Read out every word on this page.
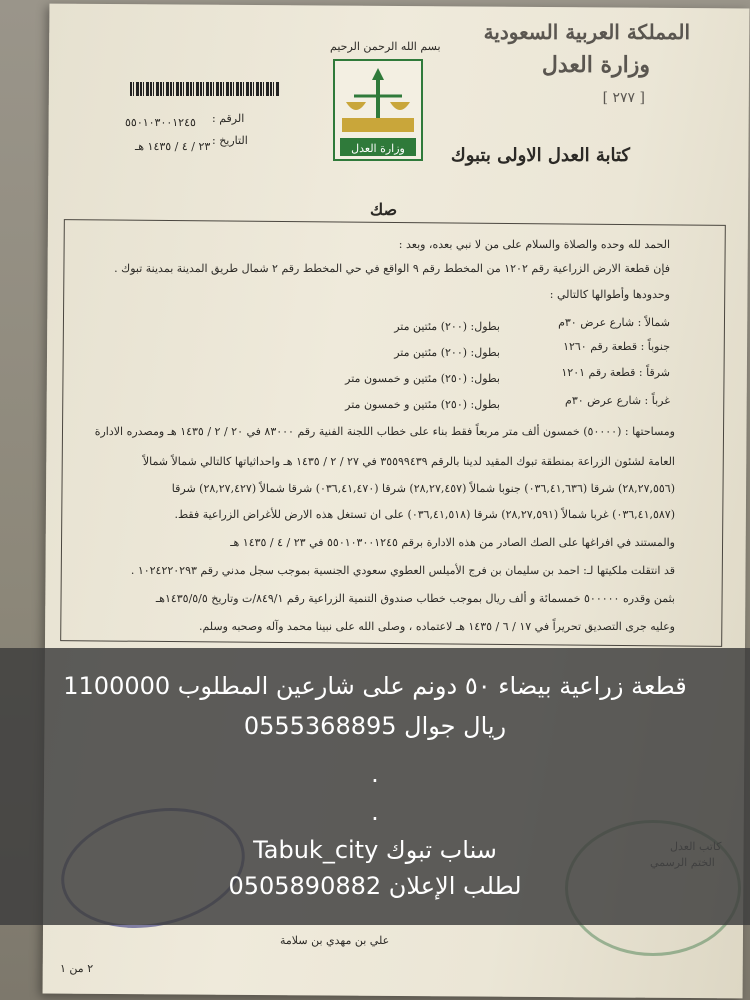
المملكة العربية السعودية
وزارة العدل
[ ٢٧٧ ]
كتابة العدل الاولى بتبوك
بسم الله الرحمن الرحيم
وزارة العدل
الرقم :
٥٥٠١٠٣٠٠١٢٤٥
التاريخ :
٢٣ / ٤ / ١٤٣٥ هـ
صك
الحمد لله وحده والصلاة والسلام على من لا نبي بعده، وبعد :
فإن قطعة الارض الزراعية رقم ١٢٠٢ من المخطط رقم ٩ الواقع في حي المخطط رقم ٢ شمال طريق المدينة بمدينة تبوك .
وحدودها وأطوالها كالتالي :
شمالاً : شارع عرض ٣٠م
بطول: (٢٠٠) مئتين متر
جنوباً : قطعة رقم ١٢٦٠
بطول: (٢٠٠) مئتين متر
شرقاً : قطعة رقم ١٢٠١
بطول: (٢٥٠) مئتين و خمسون متر
غرباً : شارع عرض ٣٠م
بطول: (٢٥٠) مئتين و خمسون متر
ومساحتها : (٥٠٠٠٠) خمسون ألف متر مربعاً فقط بناء على خطاب اللجنة الفنية رقم ٨٣٠٠٠ في ٢٠ / ٢ / ١٤٣٥ هـ ومصدره الادارة
العامة لشئون الزراعة بمنطقة تبوك المقيد لدينا بالرقم ٣٥٥٩٩٤٣٩ في ٢٧ / ٢ / ١٤٣٥ هـ واحداثياتها كالتالي شمالاً شمالاً
(٢٨,٢٧,٥٥٦) شرقا (٠٣٦,٤١,٦٣٦) جنوبا شمالاً (٢٨,٢٧,٤٥٧) شرقا (٠٣٦,٤١,٤٧٠) شرقا شمالاً (٢٨,٢٧,٤٢٧) شرقا
(٠٣٦,٤١,٥٨٧) غربا شمالاً (٢٨,٢٧,٥٩١) شرقا (٠٣٦,٤١,٥١٨) على ان تستغل هذه الارض للأغراض الزراعية فقط.
والمستند في افراغها على الصك الصادر من هذه الادارة برقم ٥٥٠١٠٣٠٠١٢٤٥ في ٢٣ / ٤ / ١٤٣٥ هـ
قد انتقلت ملكيتها لـ: احمد بن سليمان بن فرج الأميلس العطوي سعودي الجنسية بموجب سجل مدني رقم ١٠٢٤٢٢٠٢٩٣ .
بثمن وقدره ٥٠٠٠٠٠ خمسمائة و ألف ريال بموجب خطاب صندوق التنمية الزراعية رقم ٨٤٩/١/ت وتاريخ ١٤٣٥/٥/٥هـ
وعليه جرى التصديق تحريراً في ١٧ / ٦ / ١٤٣٥ هـ لاعتماده ، وصلى الله على نبينا محمد وآله وصحبه وسلم.
قطعة زراعية بيضاء ٥٠ دونم على شارعين المطلوب 1100000
ريال جوال 0555368895
.
.
سناب تبوك Tabuk_city
لطلب الإعلان 0505890882
علي بن مهدي بن سلامة
٢ من ١
